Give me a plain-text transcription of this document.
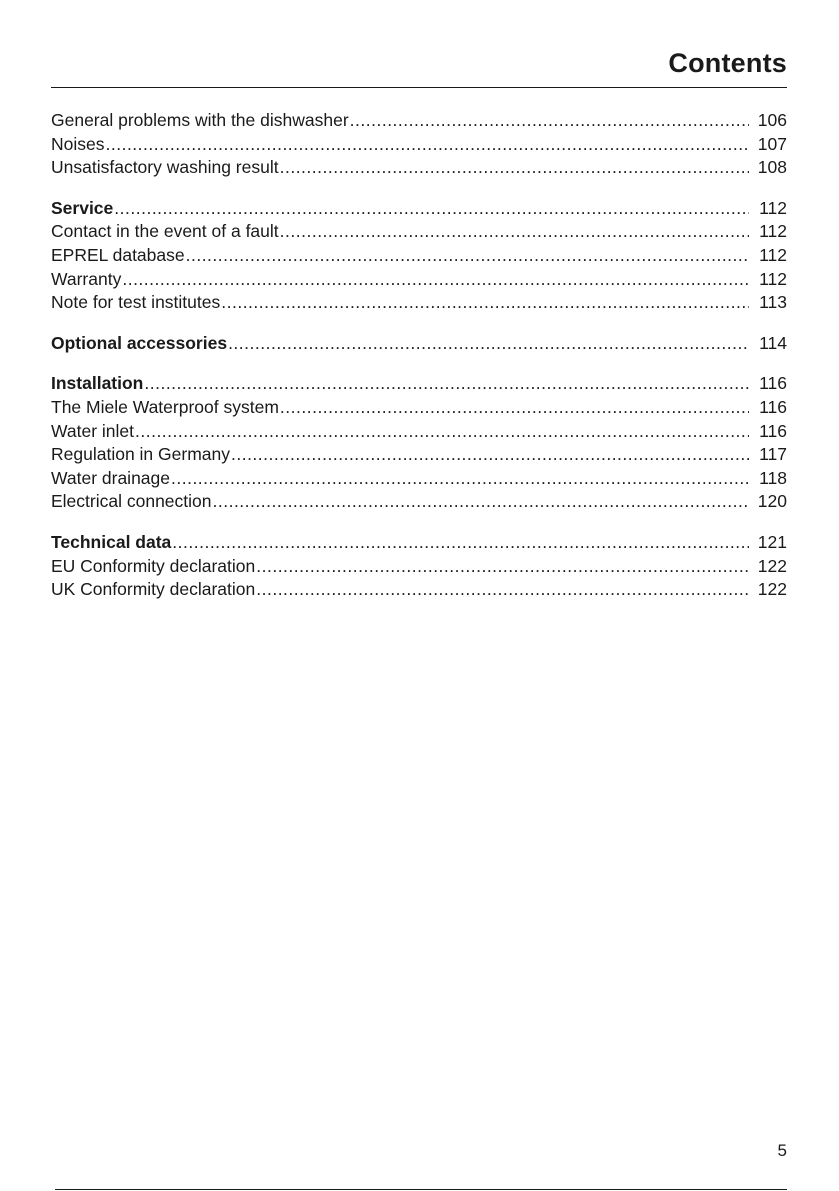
Contents
General problems with the dishwasher .....	106
Noises .....	107
Unsatisfactory washing result .....	108
Service .....	112
Contact in the event of a fault .....	112
EPREL database .....	112
Warranty .....	112
Note for test institutes .....	113
Optional accessories .....	114
Installation .....	116
The Miele Waterproof system .....	116
Water inlet .....	116
Regulation in Germany .....	117
Water drainage .....	118
Electrical connection .....	120
Technical data .....	121
EU Conformity declaration .....	122
UK Conformity declaration .....	122
5
